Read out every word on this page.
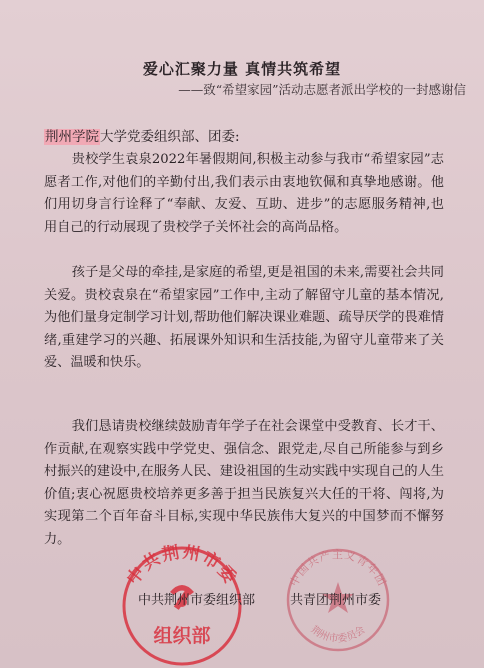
爱心汇聚力量 真情共筑希望
——致“希望家园”活动志愿者派出学校的一封感谢信
荆州学院大学党委组织部、团委:

贵校学生袁泉2022年暑假期间,积极主动参与我市“希望家园”志愿者工作,对他们的辛勤付出,我们表示由衷地钦佩和真挚地感谢。他们用切身言行诠释了“奉献、友爱、互助、进步”的志愿服务精神,也用自己的行动展现了贵校学子关怀社会的高尚品格。

孩子是父母的牵挂,是家庭的希望,更是祖国的未来,需要社会共同关爱。贵校袁泉在“希望家园”工作中,主动了解留守儿童的基本情况,为他们量身定制学习计划,帮助他们解决课业难题、疏导厌学的畏难情绪,重建学习的兴趣、拓展课外知识和生活技能,为留守儿童带来了关爱、温暖和快乐。

我们恳请贵校继续鼓励青年学子在社会课堂中受教育、长才干、作贡献,在观察实践中学党史、强信念、跟党走,尽自己所能参与到乡村振兴的建设中,在服务人民、建设祖国的生动实践中实现自己的人生价值;衷心祝愿贵校培养更多善于担当民族复兴大任的干将、闯将,为实现第二个百年奋斗目标,实现中华民族伟大复兴的中国梦而不懈努力。

中共荆州市委
组织部
中国共产主义青年团
荆州市委员会
中共荆州市委组织部	共青团荆州市委
